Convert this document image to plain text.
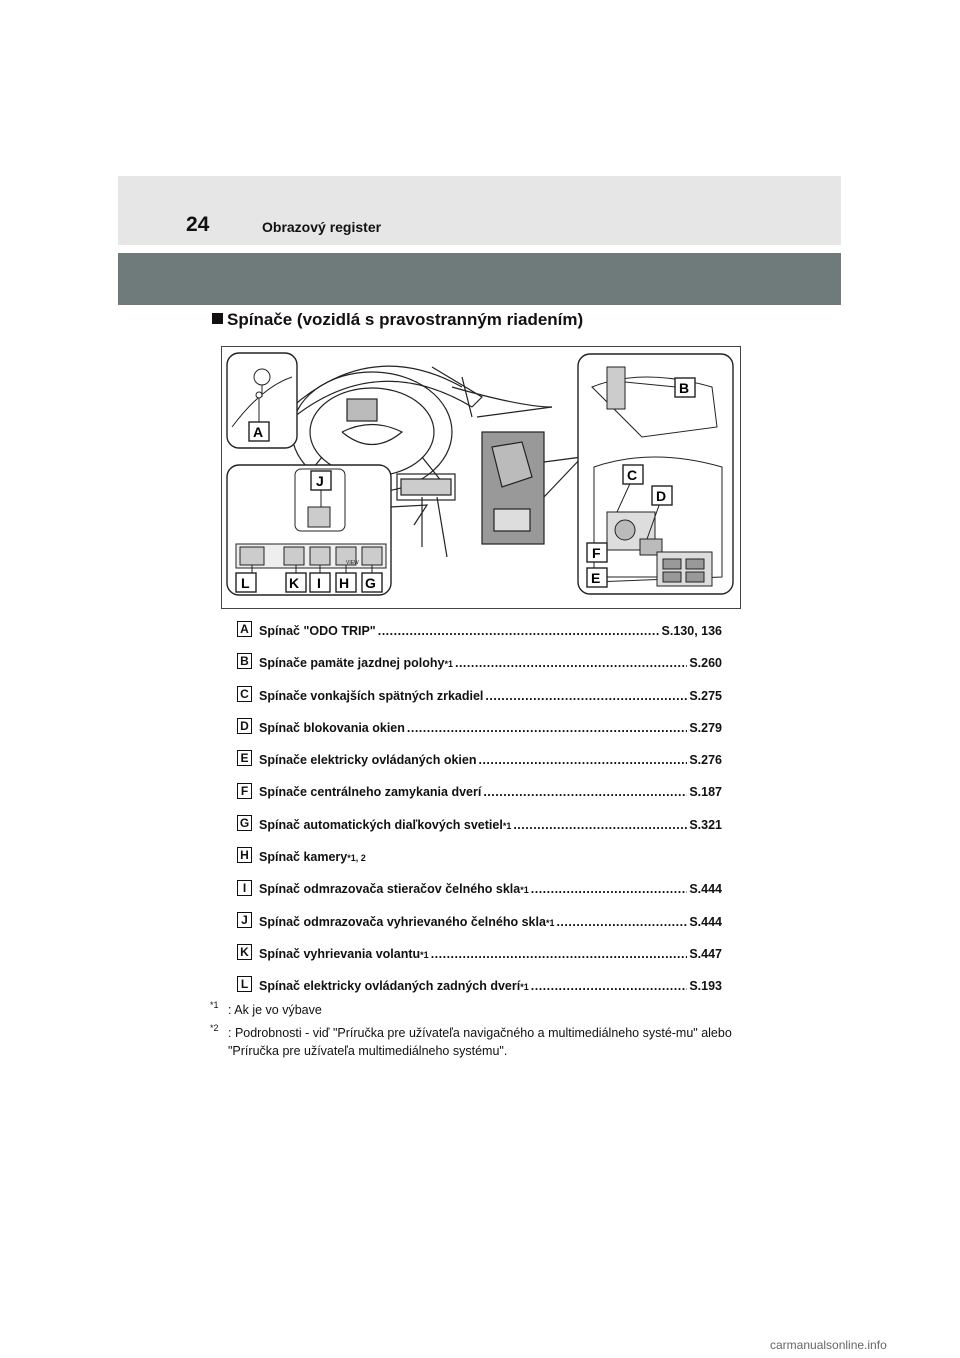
24	Obrazový register
Spínače (vozidlá s pravostranným riadením)
VIEW
A
B
C
D
E
F
G
H
I
J
K
L
A Spínač "ODO TRIP" .....	S.130, 136
B Spínače pamäte jazdnej polohy *1 .....	S.260
C Spínače vonkajších spätných zrkadiel .....	S.275
D Spínač blokovania okien .....	S.279
E Spínače elektricky ovládaných okien .....	S.276
F Spínače centrálneho zamykania dverí .....	S.187
G Spínač automatických diaľkových svetiel *1 .....	S.321
H Spínač kamery *1, 2
I	Spínač odmrazovača stieračov čelného skla *1 .....	S.444
J Spínač odmrazovača vyhrievaného čelného skla *1 .....	S.444
K Spínač vyhrievania volantu *1 .....	S.447
L Spínač elektricky ovládaných zadných dverí *1 .....	S.193
$^{*1}$ : Ak je vo výbave
$^{*2}$ : Podrobnosti - viď "Príručka pre užívateľa navigačného a multimediálneho systé-mu" alebo "Príručka pre užívateľa multimediálneho systému".
carmanualsonline.info
